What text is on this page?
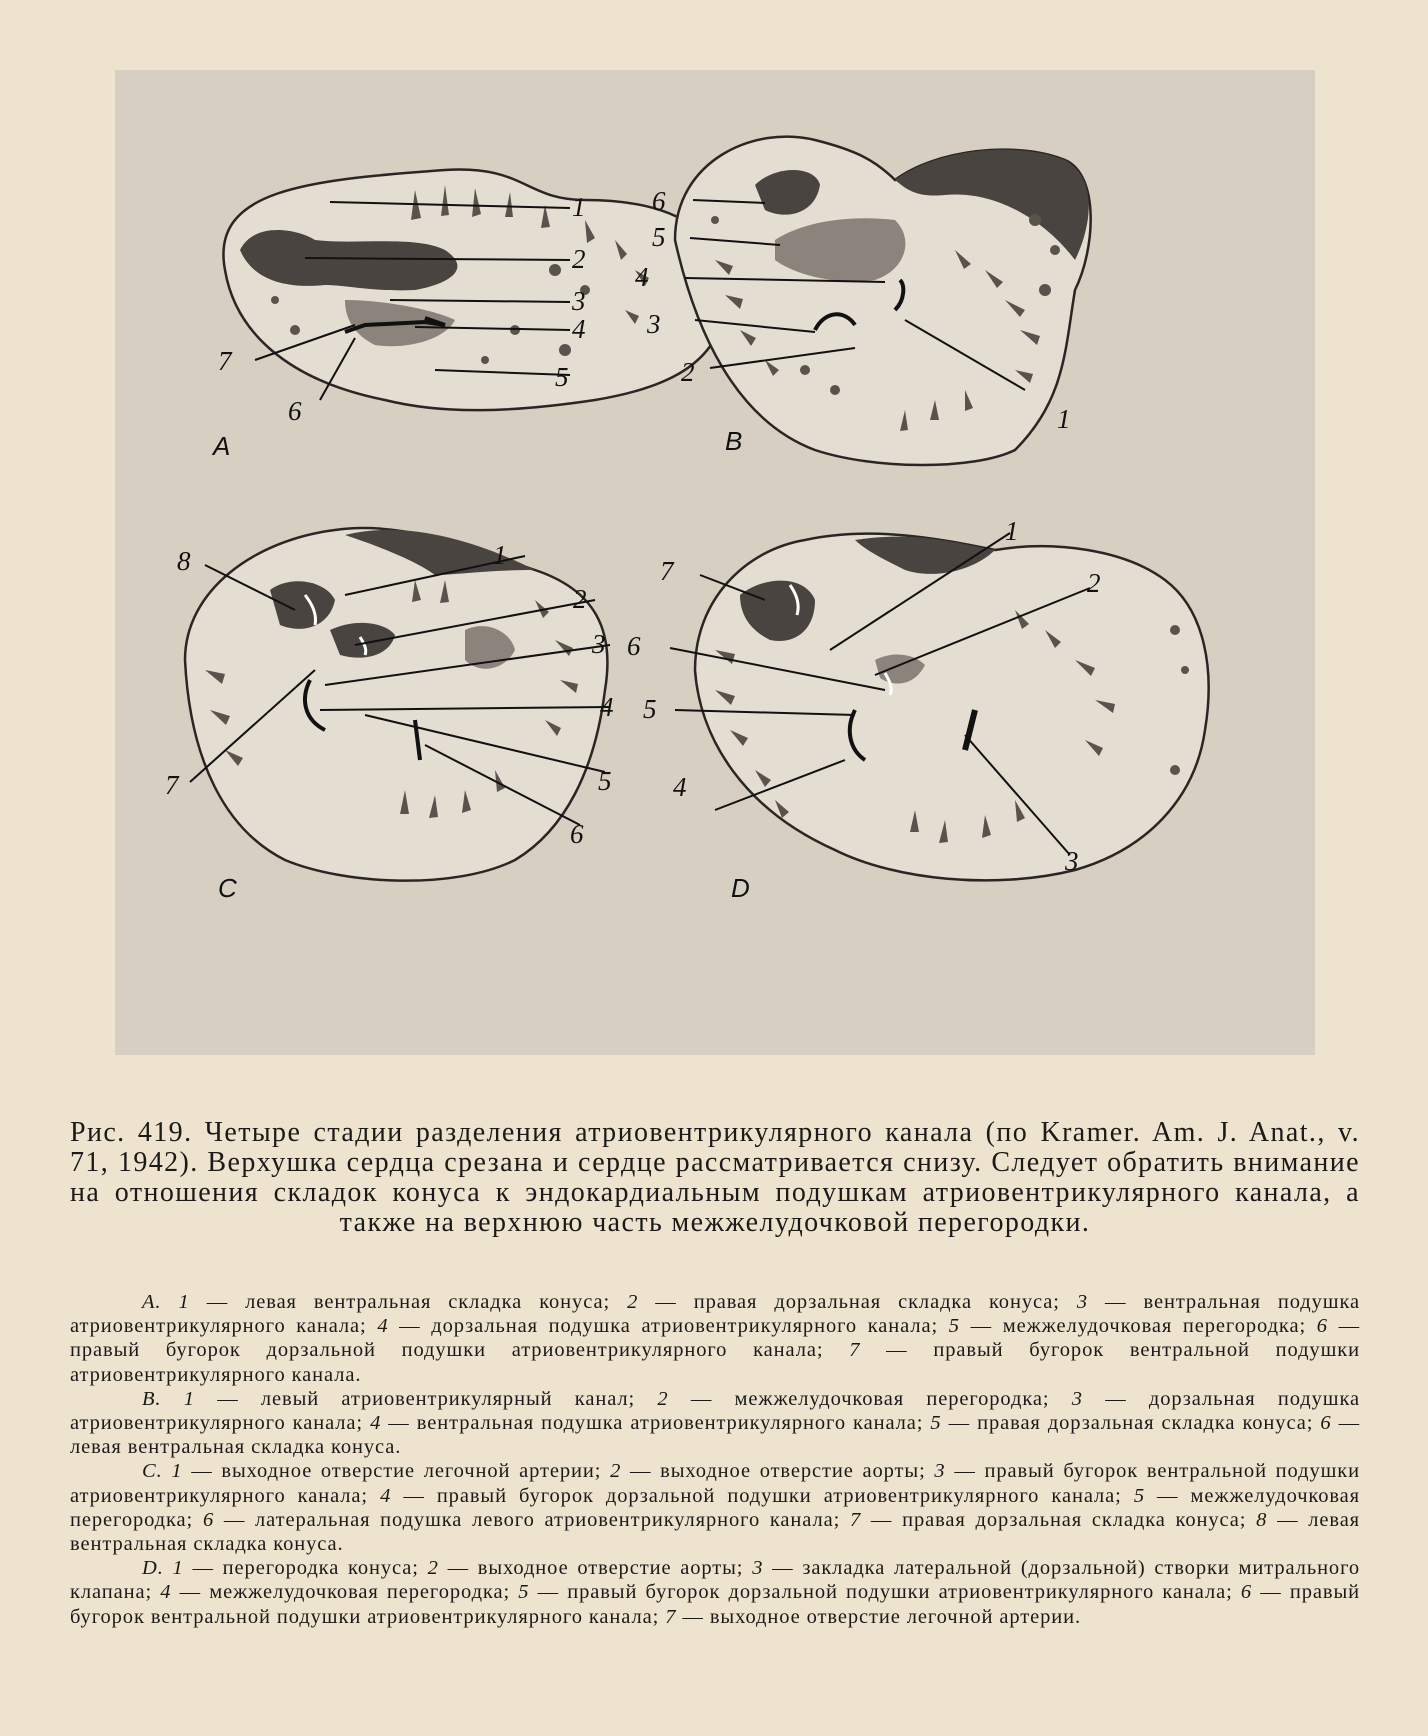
1
2
3
4
5
6
7
A
1
2
3
4
5
6
B
1
2
3
4
5
6
7
8
C
1
2
3
4
5
6
7
D
Рис. 419. Четыре стадии разделения атриовентрикулярного канала (по Kramer. Am. J. Anat., v. 71, 1942). Верхушка сердца срезана и сердце рассматривается снизу. Следует обратить внимание на отношения складок конуса к эндокардиальным подушкам атриовентрикулярного канала, а также на верхнюю часть межжелудочковой перегородки.

A. 1 — левая вентральная складка конуса; 2 — правая дорзальная складка конуса; 3 — вентральная подушка атриовентрикулярного канала; 4 — дорзальная подушка атриовентрикулярного канала; 5 — межжелудочковая перегородка; 6 — правый бугорок дорзальной подушки атриовентрикулярного канала; 7 — правый бугорок вентральной подушки атриовентрикулярного канала.

B. 1 — левый атриовентрикулярный канал; 2 — межжелудочковая перегородка; 3 — дорзальная подушка атриовентрикулярного канала; 4 — вентральная подушка атриовентрикулярного канала; 5 — правая дорзальная складка конуса; 6 — левая вентральная складка конуса.

C. 1 — выходное отверстие легочной артерии; 2 — выходное отверстие аорты; 3 — правый бугорок вентральной подушки атриовентрикулярного канала; 4 — правый бугорок дорзальной подушки атриовентрикулярного канала; 5 — межжелудочковая перегородка; 6 — латеральная подушка левого атриовентрикулярного канала; 7 — правая дорзальная складка конуса; 8 — левая вентральная складка конуса.

D. 1 — перегородка конуса; 2 — выходное отверстие аорты; 3 — закладка латеральной (дорзальной) створки митрального клапана; 4 — межжелудочковая перегородка; 5 — правый бугорок дорзальной подушки атриовентрикулярного канала; 6 — правый бугорок вентральной подушки атриовентрикулярного канала; 7 — выходное отверстие легочной артерии.
